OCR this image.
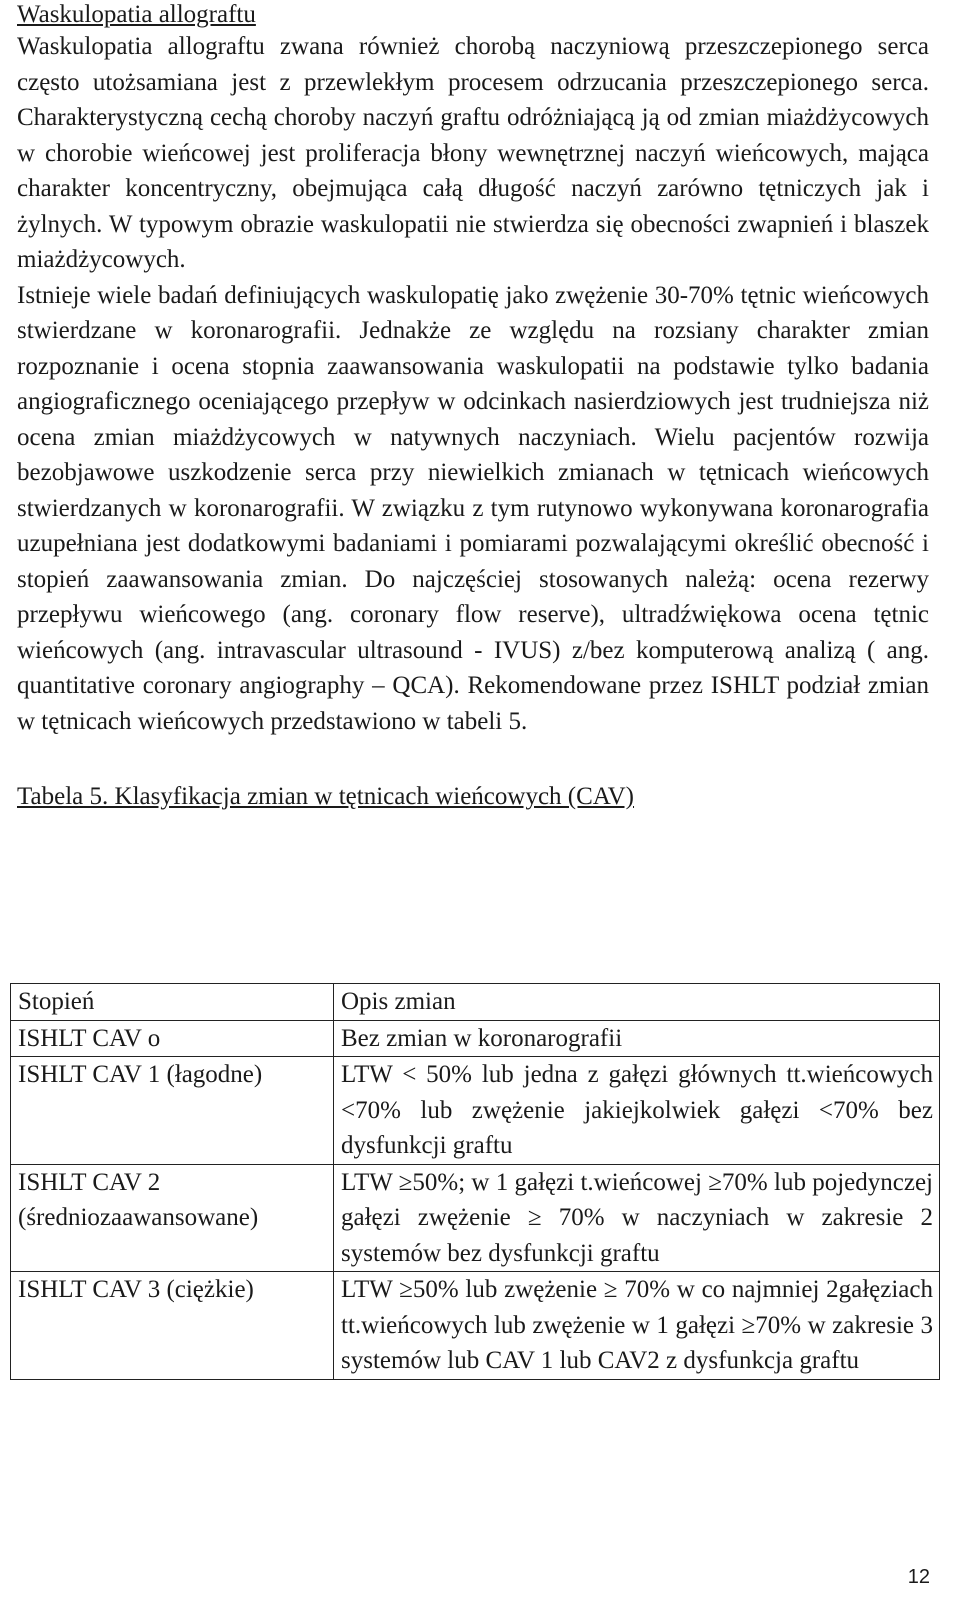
Waskulopatia allograftu

Waskulopatia allograftu zwana również chorobą naczyniową przeszczepionego serca często utożsamiana jest z przewlekłym procesem odrzucania przeszczepionego serca. Charakterystyczną cechą choroby naczyń graftu odróżniającą ją od zmian miażdżycowych w chorobie wieńcowej jest proliferacja błony wewnętrznej naczyń wieńcowych, mająca charakter koncentryczny, obejmująca całą długość naczyń zarówno tętniczych jak i żylnych. W typowym obrazie waskulopatii nie stwierdza się obecności zwapnień i blaszek miażdżycowych.

Istnieje wiele badań definiujących waskulopatię jako zwężenie 30-70% tętnic wieńcowych stwierdzane w koronarografii. Jednakże ze względu na rozsiany charakter zmian rozpoznanie i ocena stopnia zaawansowania waskulopatii na podstawie tylko badania angiograficznego oceniającego przepływ w odcinkach nasierdziowych jest trudniejsza niż ocena zmian miażdżycowych w natywnych naczyniach. Wielu pacjentów rozwija bezobjawowe uszkodzenie serca przy niewielkich zmianach w tętnicach wieńcowych stwierdzanych w koronarografii. W związku z tym rutynowo wykonywana koronarografia uzupełniana jest dodatkowymi badaniami i pomiarami pozwalającymi określić obecność i stopień zaawansowania zmian. Do najczęściej stosowanych należą: ocena rezerwy przepływu wieńcowego (ang. coronary flow reserve), ultradźwiękowa ocena tętnic wieńcowych (ang. intravascular ultrasound - IVUS) z/bez komputerową analizą ( ang. quantitative coronary angiography – QCA). Rekomendowane przez ISHLT podział zmian w tętnicach wieńcowych przedstawiono w tabeli 5.

Tabela 5. Klasyfikacja zmian w tętnicach wieńcowych (CAV)

Stopień	Opis zmian
ISHLT CAV o	Bez zmian w koronarografii
ISHLT CAV 1 (łagodne)	LTW < 50% lub jedna z gałęzi głównych tt.wieńcowych <70% lub zwężenie jakiejkolwiek gałęzi <70% bez dysfunkcji graftu
ISHLT CAV 2 (średniozaawansowane)	LTW ≥50%; w 1 gałęzi t.wieńcowej ≥70% lub pojedynczej gałęzi zwężenie ≥ 70% w naczyniach w zakresie 2 systemów bez dysfunkcji graftu
ISHLT CAV 3 (ciężkie)	LTW ≥50% lub zwężenie ≥ 70% w co najmniej 2gałęziach tt.wieńcowych lub zwężenie w 1 gałęzi ≥70% w zakresie 3 systemów lub CAV 1 lub CAV2 z dysfunkcja graftu
12
